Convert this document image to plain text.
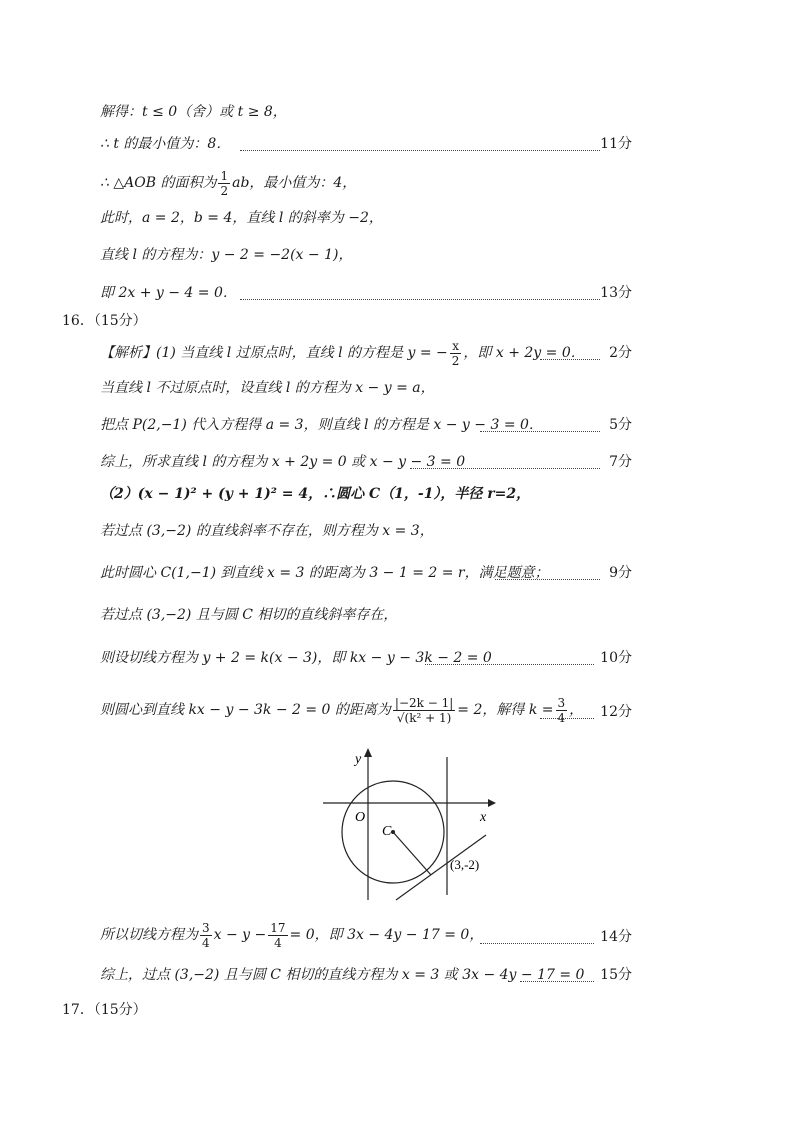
解得：t ≤ 0（舍）或 t ≥ 8，
∴ t 的最小值为：8．	11分
∴ △AOB 的面积为 $\frac{1}{2}$ ab，最小值为：4，
此时，a = 2，b = 4，直线 l 的斜率为 −2，
直线 l 的方程为：y − 2 = −2(x − 1)，
即 2x + y − 4 = 0．	13分
16．（15分）
【解析】(1) 当直线 l 过原点时，直线 l 的方程是 y = − $\frac{x}{2}$ ，即 x + 2y = 0．	2分
当直线 l 不过原点时，设直线 l 的方程为 x − y = a，
把点 P(2,−1) 代入方程得 a = 3，则直线 l 的方程是 x − y − 3 = 0．	5分
综上，所求直线 l 的方程为 x + 2y = 0 或 x − y − 3 = 0	7分
（2）(x − 1)² + (y + 1)² = 4，∴圆心 C（1，-1），半径 r=2，
若过点 (3,−2) 的直线斜率不存在，则方程为 x = 3，
此时圆心 C(1,−1) 到直线 x = 3 的距离为 3 − 1 = 2 = r，满足题意；	9分
若过点 (3,−2) 且与圆 C 相切的直线斜率存在，
则设切线方程为 y + 2 = k(x − 3)，即 kx − y − 3k − 2 = 0	10分
则圆心到直线 kx − y − 3k − 2 = 0 的距离为 $\frac{|-2k - 1|}{\text{√(k² + 1)}} = 2$，解得 $k = \frac{3}{4}$ ，	12分
y
x
O
C
(3,-2)
所以切线方程为 $\frac{3}{4}$ $x - y - \frac{17}{4} = 0$，即 3x − 4y − 17 = 0，	14分
综上，过点 (3,−2) 且与圆 C 相切的直线方程为 x = 3 或 3x − 4y − 17 = 0	15分
17．（15分）
